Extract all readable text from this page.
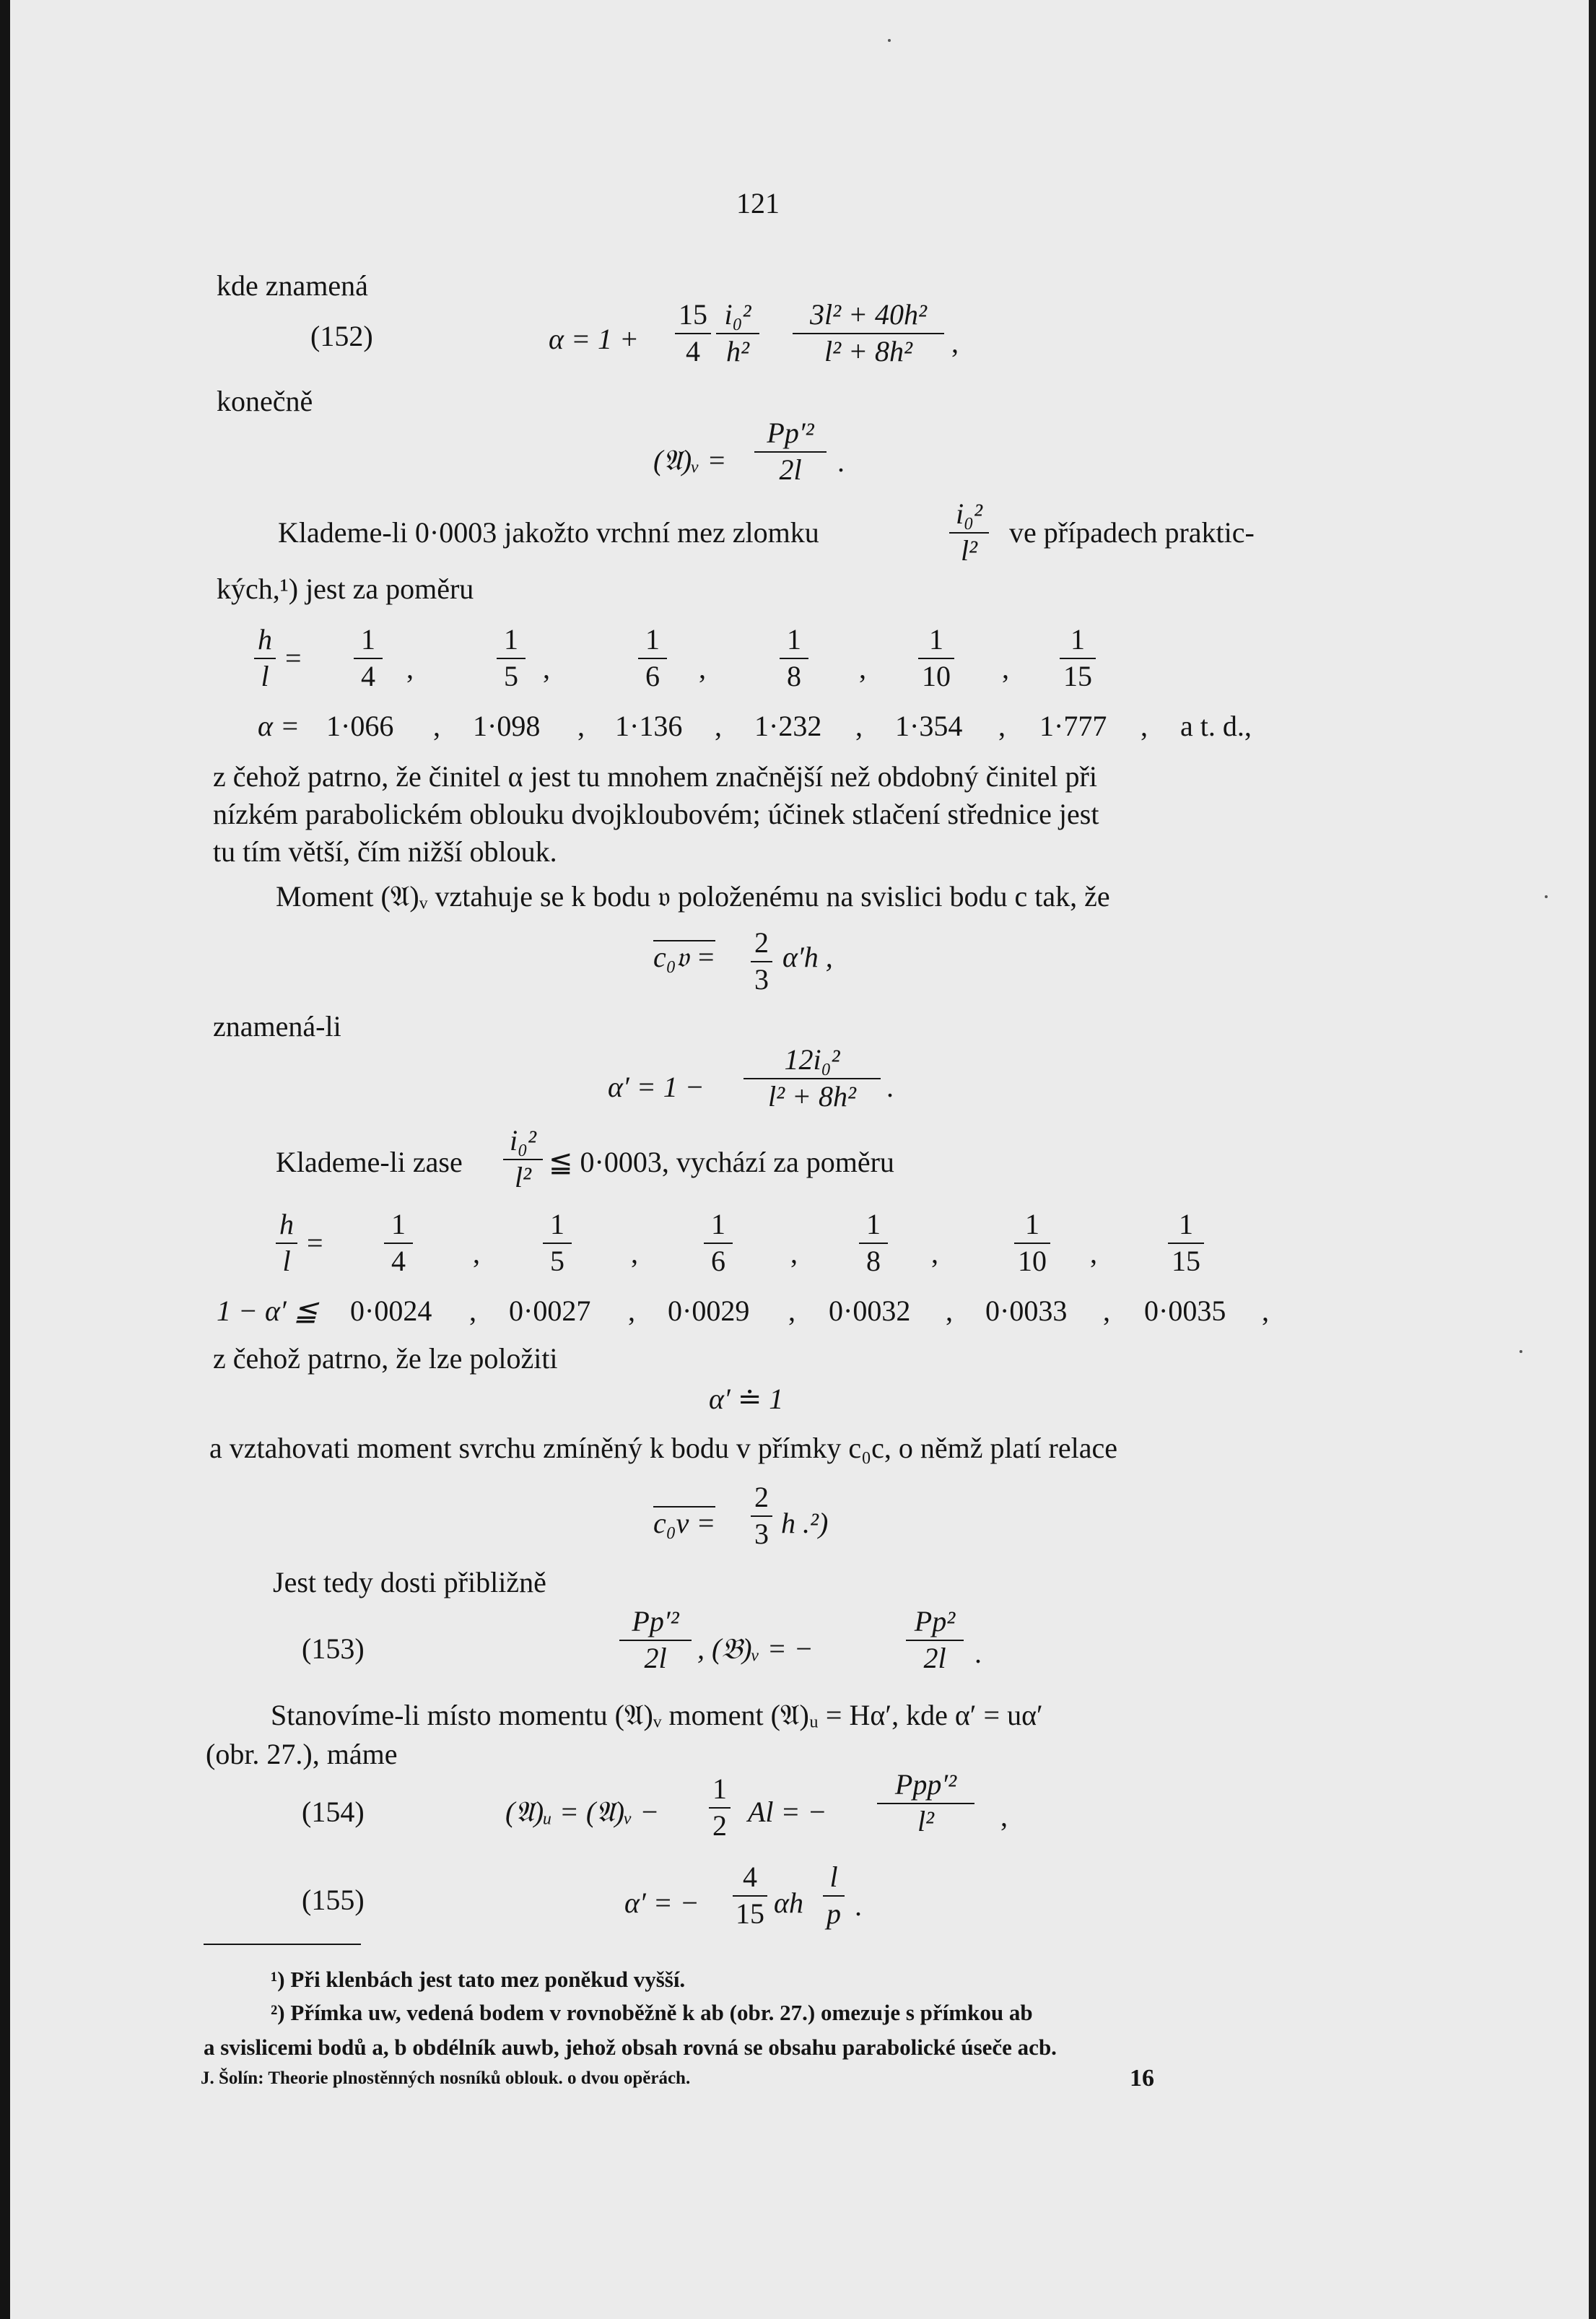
121
kde znamená
(152)	α = 1 +
15
4
i₀²
h²
3l² + 40h²
l² + 8h²	,
konečně
(𝔄)ᵥ =
Pp′²
2l	.
Klademe-li 0·0003 jakožto vrchní mez zlomku
i₀²
l²
ve případech praktic-
kých,¹) jest za poměru
h
l
=
1
4 ,
1
5 ,
1
6 ,
1
8 ,
1
10 ,
1
15
α = 1·066 , 1·098 , 1·136 , 1·232 , 1·354 , 1·777 , a t. d.,
z čehož patrno, že činitel α jest tu mnohem značnější než obdobný činitel při
nízkém parabolickém oblouku dvojkloubovém; účinek stlačení střednice jest
tu tím větší, čím nižší oblouk.
Moment (𝔄)ᵥ vztahuje se k bodu 𝔳 položenému na svislici bodu c tak, že
c₀𝔳 = 2
3
α′h ,
znamená-li
α′ = 1 −
12i₀²
l² + 8h²	.
Klademe-li zase
i₀²
l² ≦ 0·0003, vychází za poměru
h
l
=
1
4 ,
1
5 ,
1
6 ,
1
8 ,
1
10 ,
1
15
1 − α′ ≦ 0·0024 , 0·0027 , 0·0029 , 0·0032 , 0·0033 , 0·0035 ,
z čehož patrno, že lze položiti
α′ ≐ 1
a vztahovati moment svrchu zmíněný k bodu v přímky c₀c, o němž platí relace
c₀v =
2
3 h .²)
Jest tedy dosti přibližně
(153)
Pp′²
2l	, (𝔅)ᵥ = −
Pp²
2l .
Stanovíme-li místo momentu (𝔄)ᵥ moment (𝔄)ᵤ = Hα′, kde α′ = uα′
(obr. 27.), máme
(154)	(𝔄)ᵤ = (𝔄)ᵥ −
1
2 Al = −
Ppp′²
l²	,
(155)	α′ = −
4
15 αh
l
p .
¹) Při klenbách jest tato mez poněkud vyšší.
²) Přímka uw, vedená bodem v rovnoběžně k ab (obr. 27.) omezuje s přímkou ab
a svislicemi bodů a, b obdélník auwb, jehož obsah rovná se obsahu parabolické úseče acb.
J. Šolín: Theorie plnostěnných nosníků oblouk. o dvou opěrách.	16
